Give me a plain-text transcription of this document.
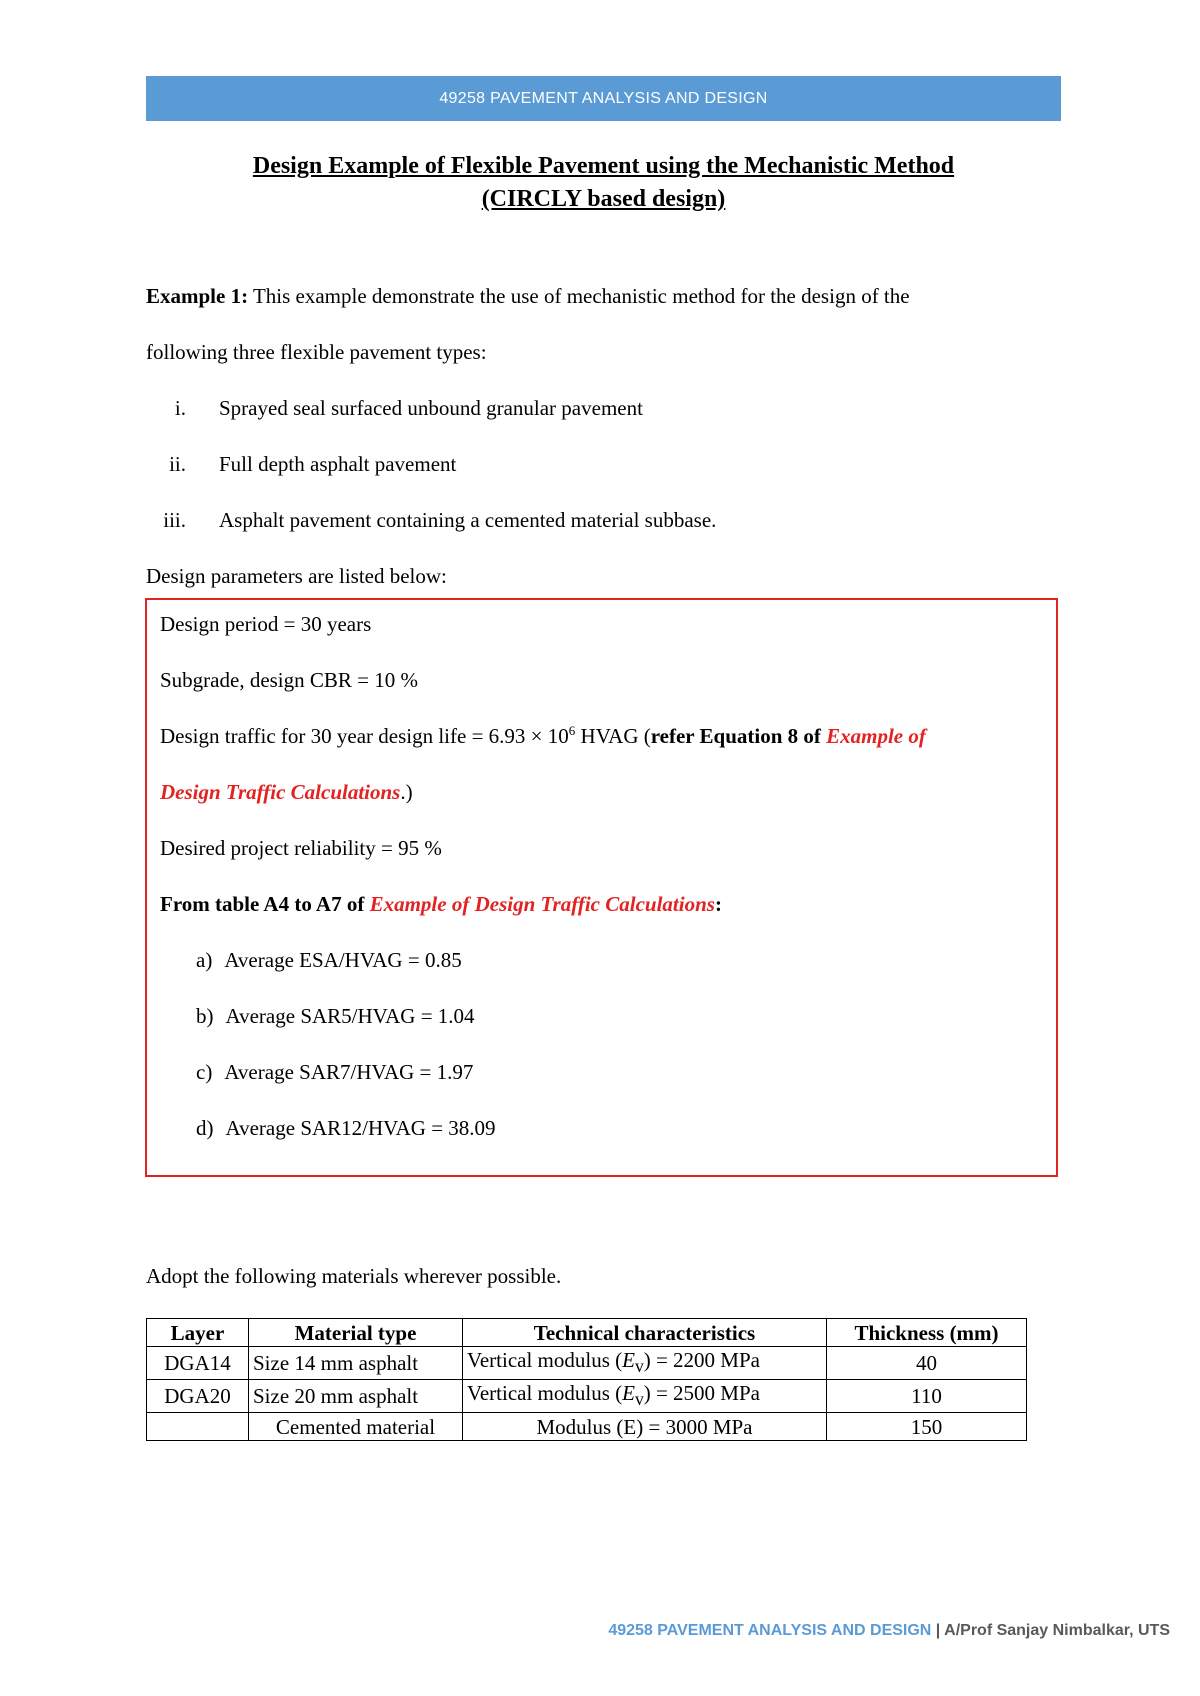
49258 PAVEMENT ANALYSIS AND DESIGN
Design Example of Flexible Pavement using the Mechanistic Method
(CIRCLY based design)
Example 1: This example demonstrate the use of mechanistic method for the design of the
following three flexible pavement types:
i. Sprayed seal surfaced unbound granular pavement
ii. Full depth asphalt pavement
iii. Asphalt pavement containing a cemented material subbase.
Design parameters are listed below:
Design period = 30 years
Subgrade, design CBR = 10 %
Design traffic for 30 year design life = $6.93 \times 10^6$ HVAG (refer Equation 8 of Example of
Design Traffic Calculations.)
Desired project reliability = 95 %
From table A4 to A7 of Example of Design Traffic Calculations:
a) Average ESA/HVAG = 0.85
b) Average SAR5/HVAG = 1.04
c) Average SAR7/HVAG = 1.97
d) Average SAR12/HVAG = 38.09
Adopt the following materials wherever possible.
Layer	Material type	Technical characteristics	Thickness (mm)
DGA14	Size 14 mm asphalt	Vertical modulus $(E_v) = 2200$ MPa	40
DGA20	Size 20 mm asphalt	Vertical modulus $(E_v) = 2500$ MPa	110
	Cemented material	Modulus (E) = 3000 MPa	150
49258 PAVEMENT ANALYSIS AND DESIGN | A/Prof Sanjay Nimbalkar, UTS
